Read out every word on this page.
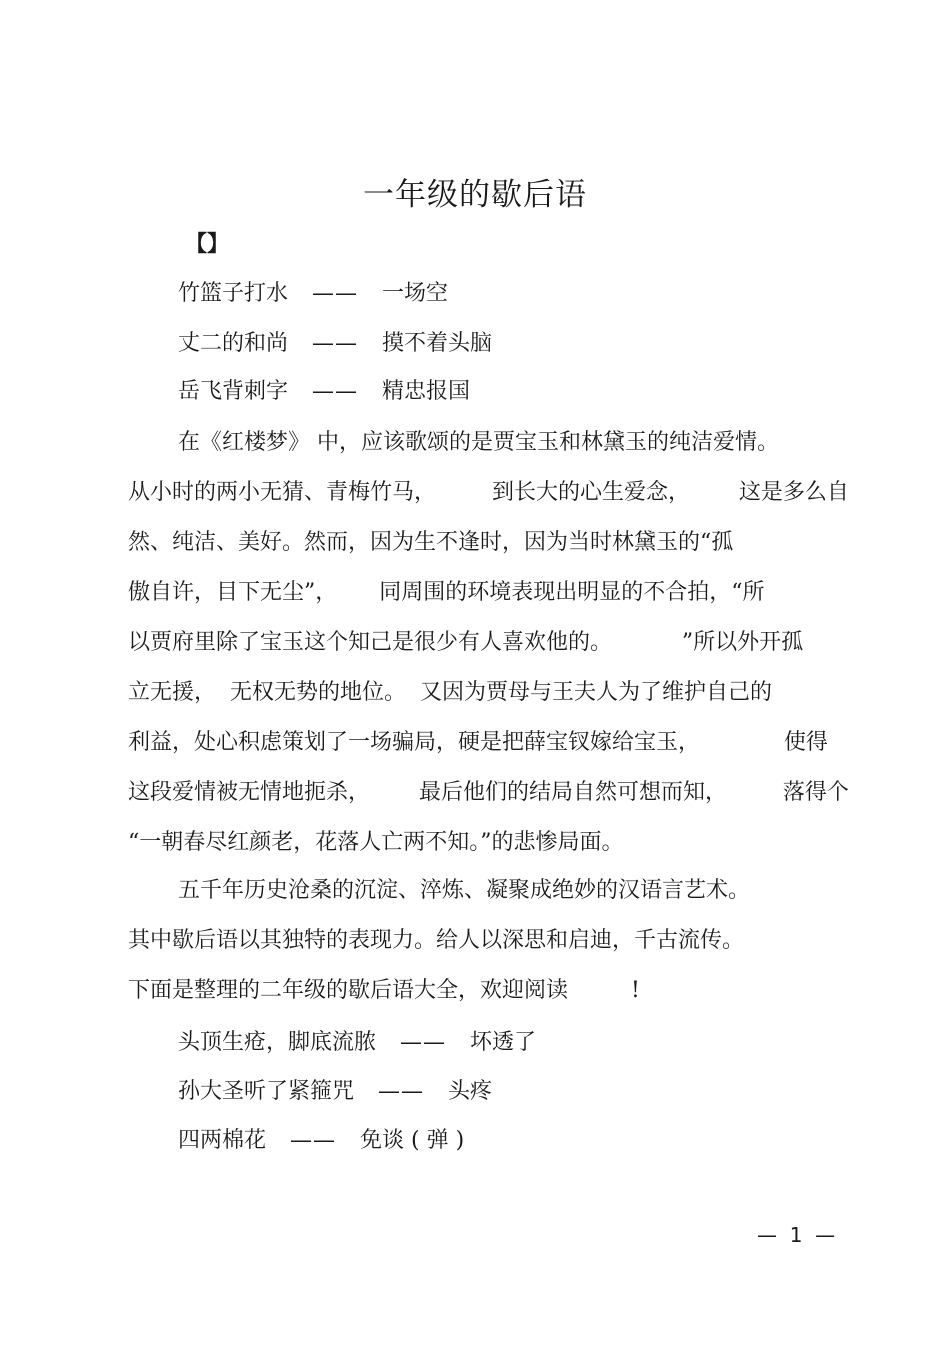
一年级的歇后语
【】
竹篮子打水 —— 一场空
丈二的和尚 —— 摸不着头脑
岳飞背刺字 —— 精忠报国
在《红楼梦》 中，应该歌颂的是贾宝玉和林黛玉的纯洁爱情。
从小时的两小无猜、青梅竹马，        到长大的心生爱念，       这是多么自
然、纯洁、美好。然而，因为生不逢时，因为当时林黛玉的“孤
傲自许，目下无尘”，      同周围的环境表现出明显的不合拍，“所
以贾府里除了宝玉这个知己是很少有人喜欢他的。          ”所以外开孤
立无援，  无权无势的地位。  又因为贾母与王夫人为了维护自己的
利益，处心积虑策划了一场骗局，硬是把薛宝钗嫁给宝玉，            使得
这段爱情被无情地扼杀，       最后他们的结局自然可想而知，        落得个
“一朝春尽红颜老，花落人亡两不知。”的悲惨局面。
五千年历史沧桑的沉淀、淬炼、凝聚成绝妙的汉语言艺术。
其中歇后语以其独特的表现力。给人以深思和启迪，千古流传。
下面是整理的二年级的歇后语大全，欢迎阅读         !
头顶生疮，脚底流脓 —— 坏透了
孙大圣听了紧箍咒 —— 头疼
四两棉花 —— 免谈 ( 弹 )
—  1  —
